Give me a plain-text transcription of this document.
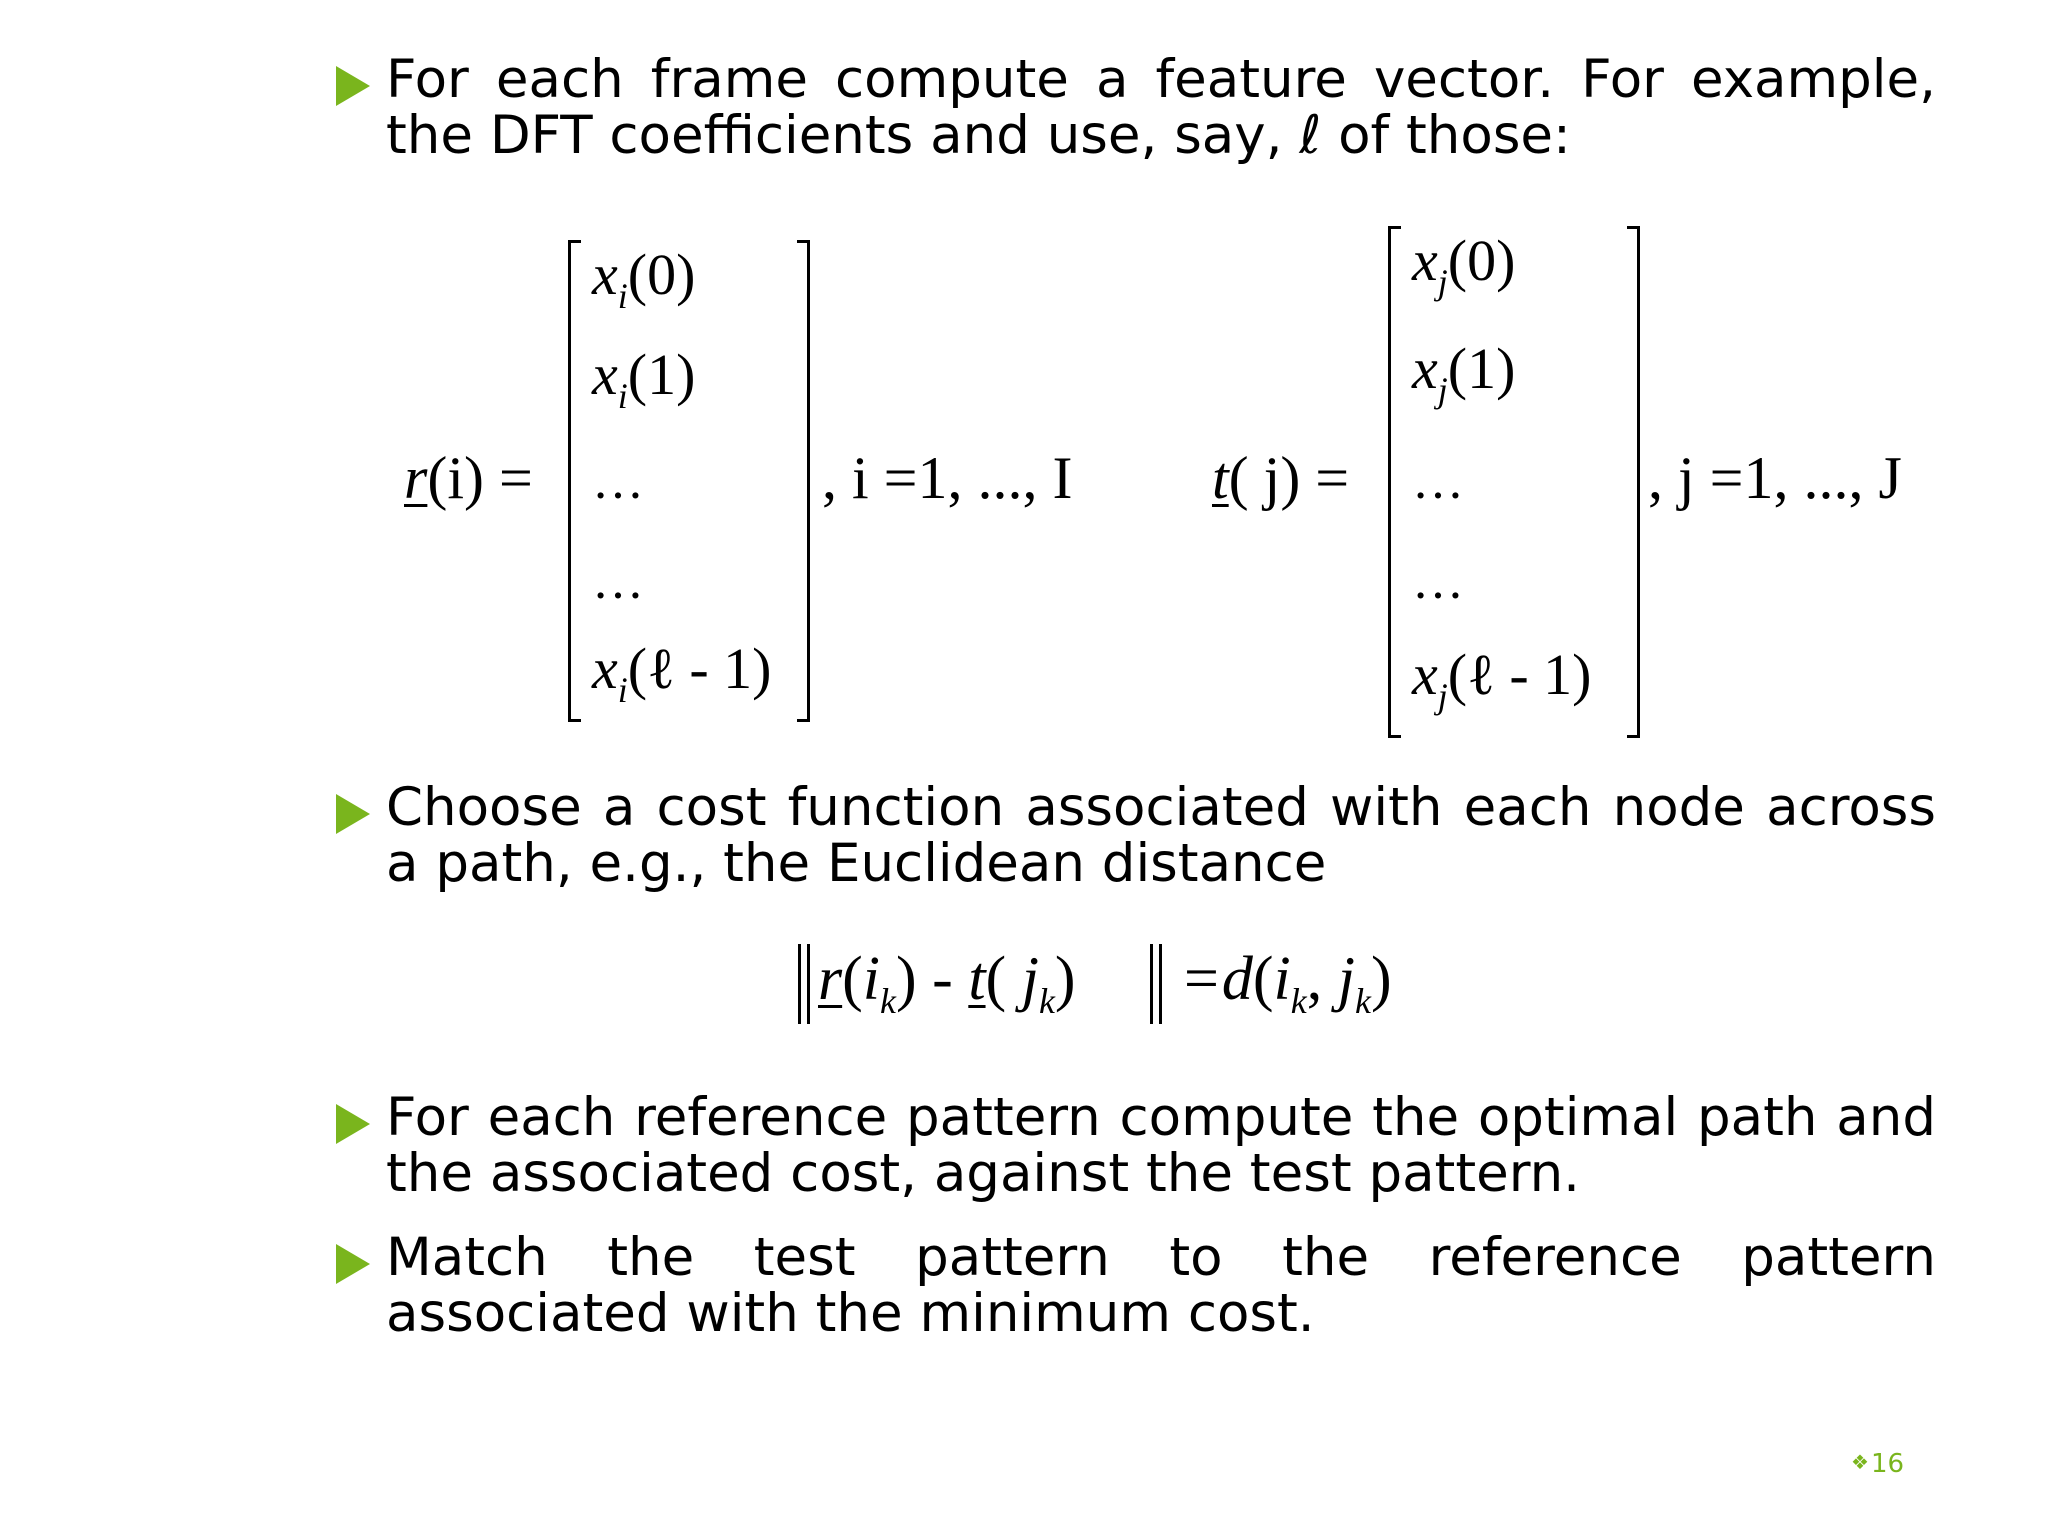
For each frame compute a feature vector. For example, the DFT coefficients and use, say, ℓ of those:
r(i) =
$x_i(0)$
$x_i(1)$
…
…
$x_i(\ell - 1)$
, i =1, ..., I t( j) =
$x_j(0)$
$x_j(1)$
…
…
$x_j(\ell - 1)$
, j =1, ..., J
Choose a cost function associated with each node across a path, e.g., the Euclidean distance
$r(i_k) - t$( $j_k) =d(i_k$, $j_k$)
For each reference pattern compute the optimal path and the associated cost, against the test pattern.
Match the test pattern to the reference pattern associated with the minimum cost.
❖16
